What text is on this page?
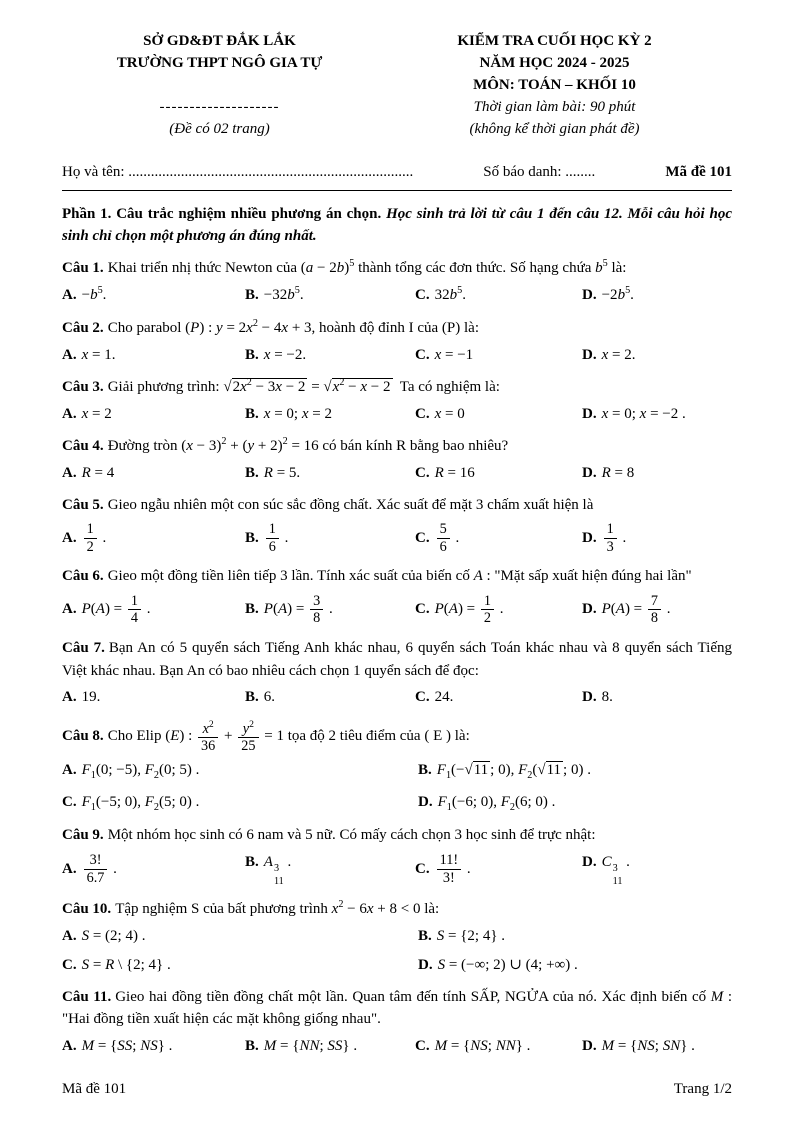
SỞ GD&ĐT ĐẮK LẮK
TRƯỜNG THPT NGÔ GIA TỰ
--------------------
(Đề có 02 trang)
KIỂM TRA CUỐI HỌC KỲ 2
NĂM HỌC 2024 - 2025
MÔN: TOÁN – KHỐI 10
Thời gian làm bài: 90 phút
(không kể thời gian phát đề)
Họ và tên: ............................................................................	Số báo danh: ........	Mã đề 101
Phần 1. Câu trắc nghiệm nhiều phương án chọn. Học sinh trả lời từ câu 1 đến câu 12. Mỗi câu hỏi học sinh chỉ chọn một phương án đúng nhất.
Câu 1. Khai triển nhị thức Newton của $(a - 2b)^5$ thành tổng các đơn thức. Số hạng chứa $b^5$ là:
A. $-b^5$.	B. $-32b^5$.	C. $32b^5$.	D. $-2b^5$.
Câu 2. Cho parabol (P) : $y = 2x^2 - 4x + 3$, hoành độ đỉnh I của (P) là:
A. x = 1.	B. x = −2.	C. x = −1	D. x = 2.
Câu 3. Giải phương trình: $√2x^2 - 3x - 2 = √x^2 - x - 2$  Ta có nghiệm là:
A. x = 2	B. x = 0; x = 2	C. x = 0	D. x = 0; x = −2 .
Câu 4. Đường tròn $(x - 3)^2 + (y + 2)^2 = 16$ có bán kính R bằng bao nhiêu?
A. R = 4	B. R = 5.	C. R = 16	D. R = 8
Câu 5. Gieo ngẫu nhiên một con súc sắc đồng chất. Xác suất để mặt 3 chấm xuất hiện là
A. $\frac{1}{2}$ .	B. $\frac{1}{6}$ .	C. $\frac{5}{6}$ .	D. $\frac{1}{3}$ .
Câu 6. Gieo một đồng tiền liên tiếp 3 lần. Tính xác suất của biến cố A : "Mặt sấp xuất hiện đúng hai lần"
A. $P(A) = \frac{1}{4}$ .	B. $P(A) = \frac{3}{8}$ .	C. $P(A) = \frac{1}{2}$ .	D. $P(A) = \frac{7}{8}$ .
Câu 7. Bạn An có 5 quyển sách Tiếng Anh khác nhau, 6 quyển sách Toán khác nhau và 8 quyển sách Tiếng Việt khác nhau. Bạn An có bao nhiêu cách chọn 1 quyển sách để đọc:
A. 19.	B. 6.	C. 24.	D. 8.
Câu 8. Cho Elip (E) : $\frac{x^2}{36} + \frac{y^2}{25} = 1$ tọa độ 2 tiêu điểm của ( E ) là:
A. $F_1(0$; −5), $F_2(0$; 5) .	B. $F_1(-√11$ ; 0), $F_2(√11$ ; 0) .
C. $F_1(-5$; 0), $F_2(5$; 0) .	D. $F_1(-6$; 0), $F_2(6$; 0) .
Câu 9. Một nhóm học sinh có 6 nam và 5 nữ. Có mấy cách chọn 3 học sinh để trực nhật:
A. $\frac{3!}{6.7}$ .	B. A 3
11
.	C. $\frac{11!}{3!}$ .	D. C 3
11
.
Câu 10. Tập nghiệm S của bất phương trình $x^2 - 6x + 8 < 0$ là:
A. S = (2; 4) .	B. S = {2; 4} .
C. S = R \ {2; 4} .	D. S = (−∞; 2) ∪ (4; +∞) .
Câu 11. Gieo hai đồng tiền đồng chất một lần. Quan tâm đến tính SẤP, NGỬA của nó. Xác định biến cố M : "Hai đồng tiền xuất hiện các mặt không giống nhau".
A. M = {SS; NS} .	B. M = {NN; SS} .	C. M = {NS; NN} .	D. M = {NS; SN} .
Mã đề 101	Trang 1/2
